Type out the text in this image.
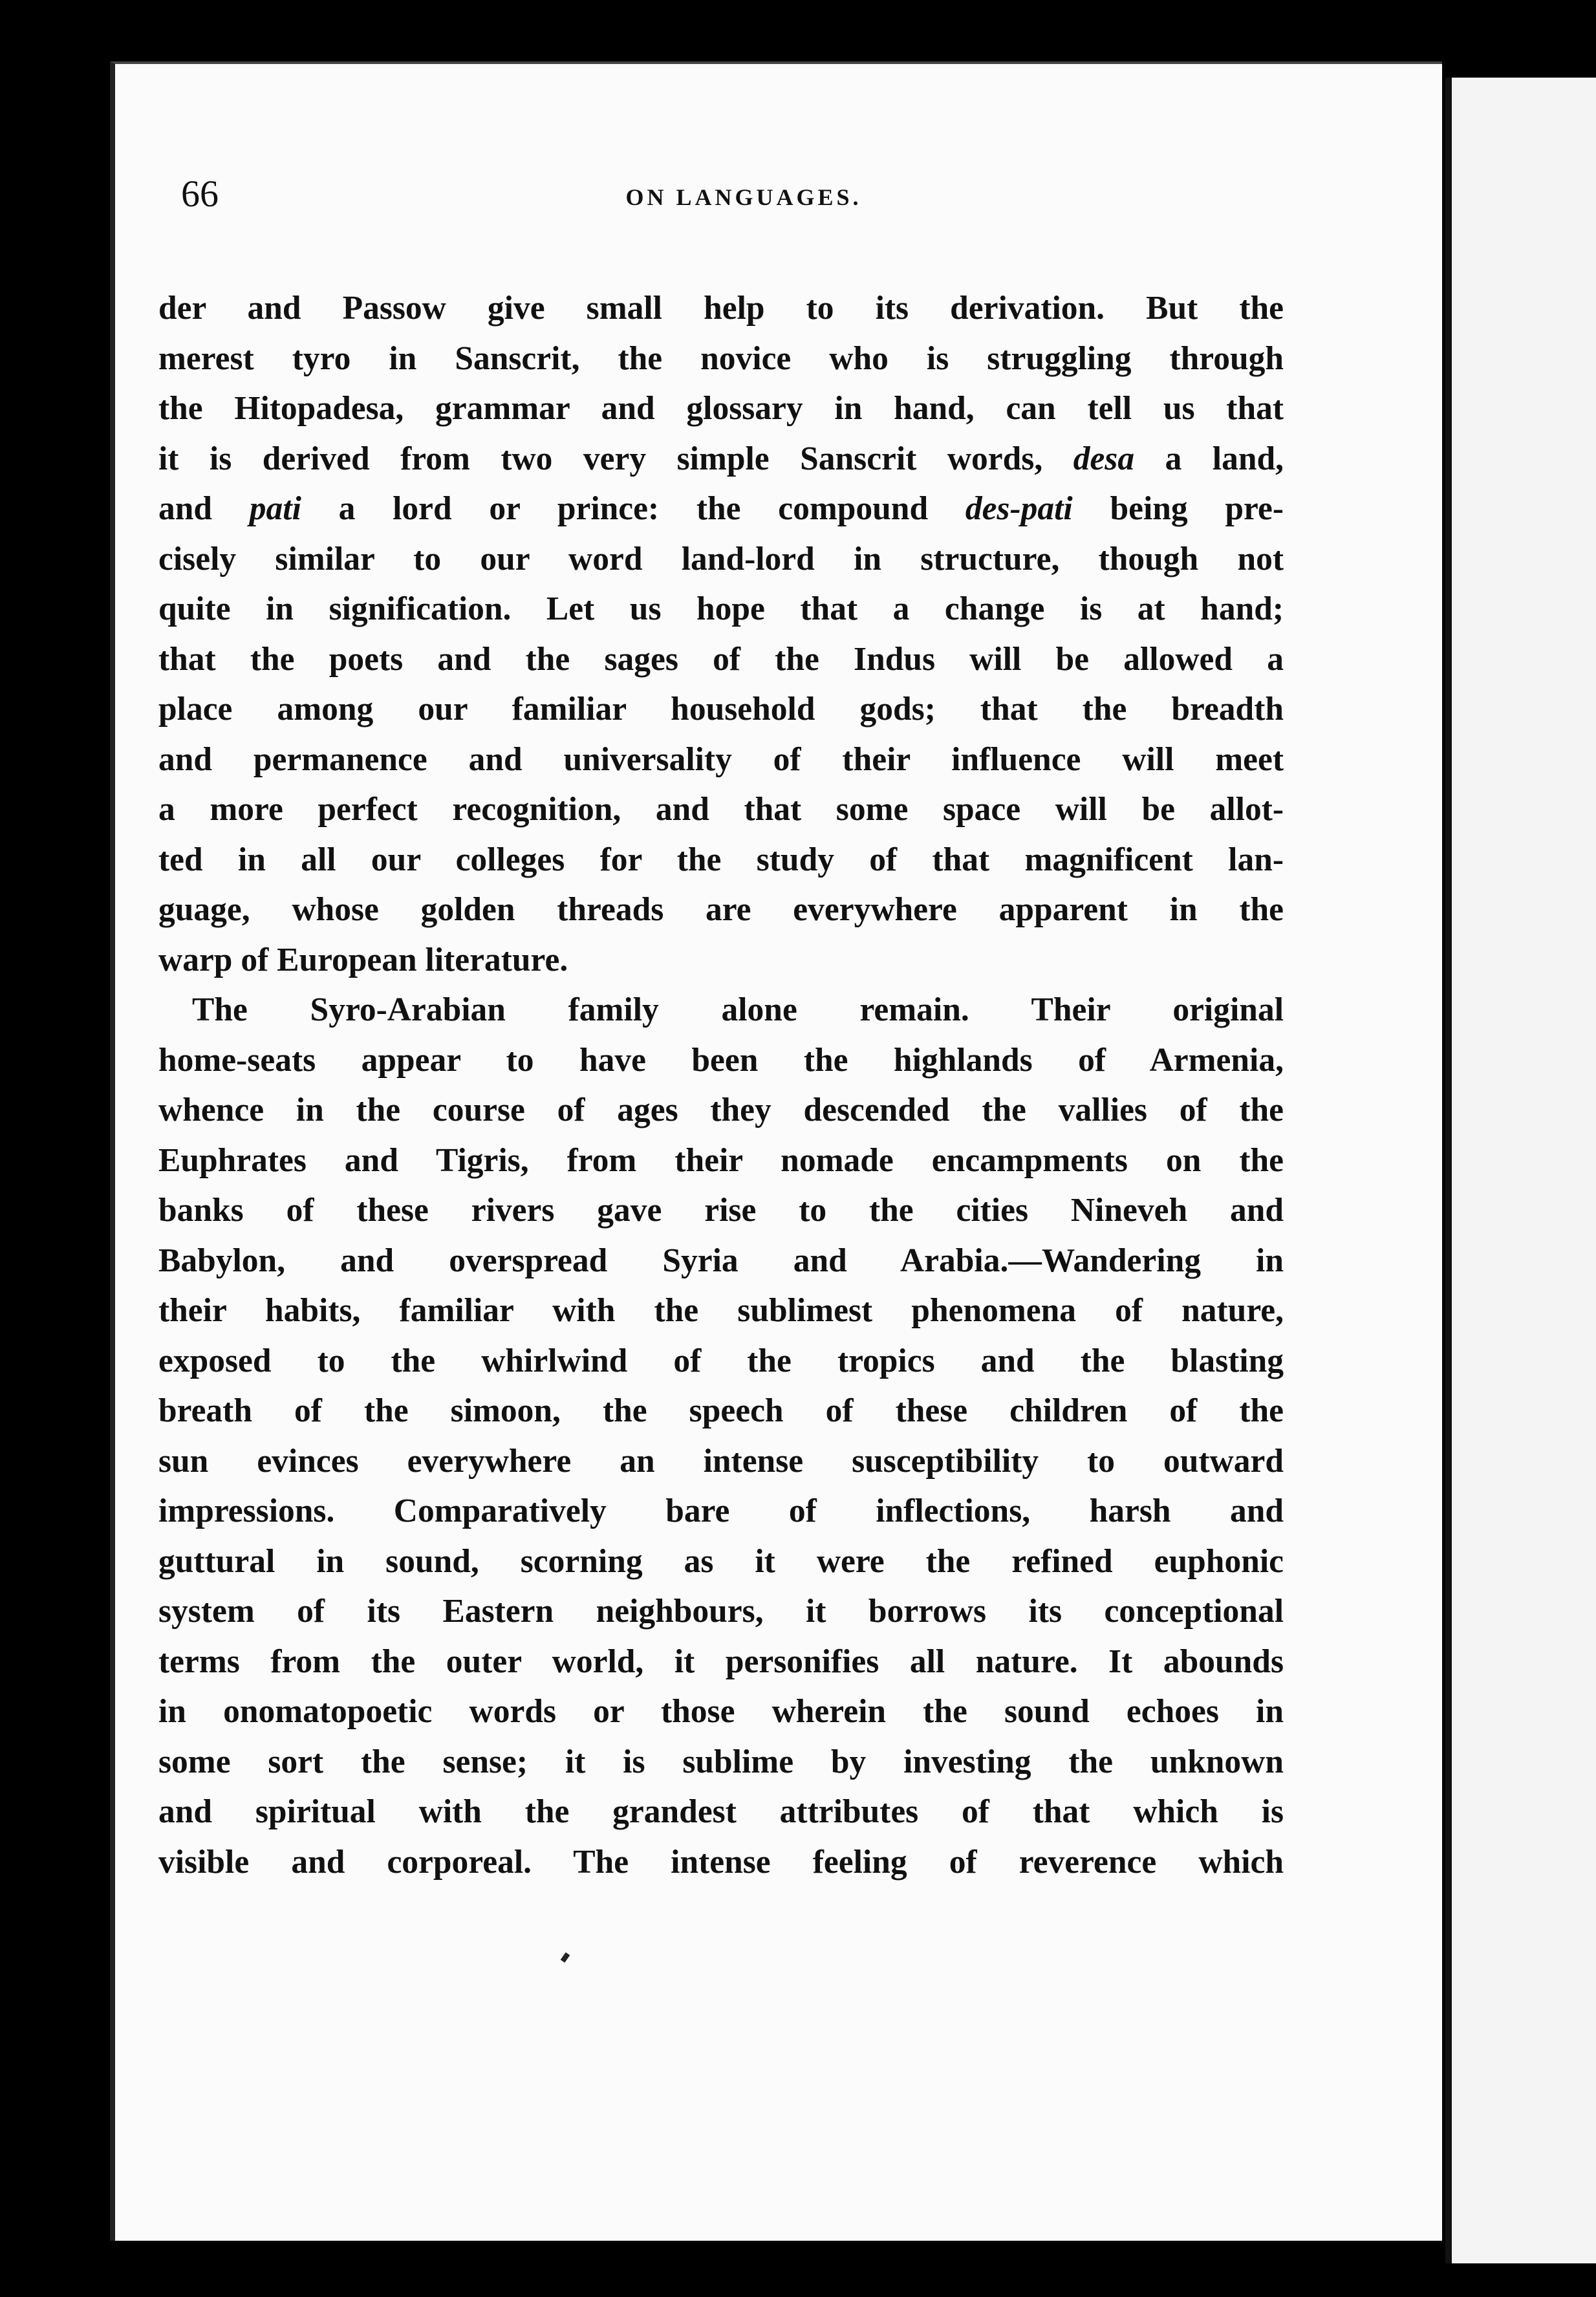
66	ON LANGUAGES.
der and Passow give small help to its derivation. But the
merest tyro in Sanscrit, the novice who is struggling through
the Hitopadesa, grammar and glossary in hand, can tell us that
it is derived from two very simple Sanscrit words, desa a land,
and pati a lord or prince: the compound des-pati being pre-
cisely similar to our word land-lord in structure, though not
quite in signification. Let us hope that a change is at hand;
that the poets and the sages of the Indus will be allowed a
place among our familiar household gods; that the breadth
and permanence and universality of their influence will meet
a more perfect recognition, and that some space will be allot-
ted in all our colleges for the study of that magnificent lan-
guage, whose golden threads are everywhere apparent in the
warp of European literature.
The Syro-Arabian family alone remain. Their original
home-seats appear to have been the highlands of Armenia,
whence in the course of ages they descended the vallies of the
Euphrates and Tigris, from their nomade encampments on the
banks of these rivers gave rise to the cities Nineveh and
Babylon, and overspread Syria and Arabia.—Wandering in
their habits, familiar with the sublimest phenomena of nature,
exposed to the whirlwind of the tropics and the blasting
breath of the simoon, the speech of these children of the
sun evinces everywhere an intense susceptibility to outward
impressions. Comparatively bare of inflections, harsh and
guttural in sound, scorning as it were the refined euphonic
system of its Eastern neighbours, it borrows its conceptional
terms from the outer world, it personifies all nature. It abounds
in onomatopoetic words or those wherein the sound echoes in
some sort the sense; it is sublime by investing the unknown
and spiritual with the grandest attributes of that which is
visible and corporeal. The intense feeling of reverence which
